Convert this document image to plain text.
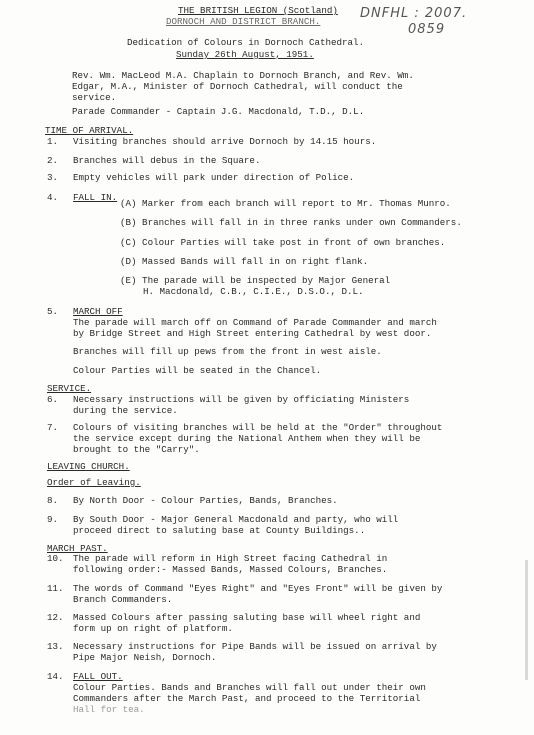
DNFHL : 2007.
0859
THE BRITISH LEGION (Scotland)
DORNOCH AND DISTRICT BRANCH.
Dedication of Colours in Dornoch Cathedral.
Sunday 26th August, 1951.
Rev. Wm. MacLeod M.A. Chaplain to Dornoch Branch, and Rev. Wm.
Edgar, M.A., Minister of Dornoch Cathedral, will conduct the
service.
Parade Commander - Captain J.G. Macdonald, T.D., D.L.
TIME OF ARRIVAL.
1. Visiting branches should arrive Dornoch by 14.15 hours.
2. Branches will debus in the Square.
3. Empty vehicles will park under direction of Police.
4. FALL IN.
(A) Marker from each branch will report to Mr. Thomas Munro.
(B) Branches will fall in in three ranks under own Commanders.
(C) Colour Parties will take post in front of own branches.
(D) Massed Bands will fall in on right flank.
(E) The parade will be inspected by Major General
H. Macdonald, C.B., C.I.E., D.S.O., D.L.
5. MARCH OFF
The parade will march off on Command of Parade Commander and march
by Bridge Street and High Street entering Cathedral by west door.
Branches will fill up pews from the front in west aisle.
Colour Parties will be seated in the Chancel.
SERVICE.
6. Necessary instructions will be given by officiating Ministers
during the service.
7. Colours of visiting branches will be held at the "Order" throughout
the service except during the National Anthem when they will be
brought to the "Carry".
LEAVING CHURCH.
Order of Leaving.
8. By North Door - Colour Parties, Bands, Branches.
9. By South Door - Major General Macdonald and party, who will
proceed direct to saluting base at County Buildings..
MARCH PAST.
10. The parade will reform in High Street facing Cathedral in
following order:- Massed Bands, Massed Colours, Branches.
11. The words of Command "Eyes Right" and "Eyes Front" will be given by
Branch Commanders.
12. Massed Colours after passing saluting base will wheel right and
form up on right of platform.
13. Necessary instructions for Pipe Bands will be issued on arrival by
Pipe Major Neish, Dornoch.
14. FALL OUT.
Colour Parties. Bands and Branches will fall out under their own
Commanders after the March Past, and proceed to the Territorial
Hall for tea.
